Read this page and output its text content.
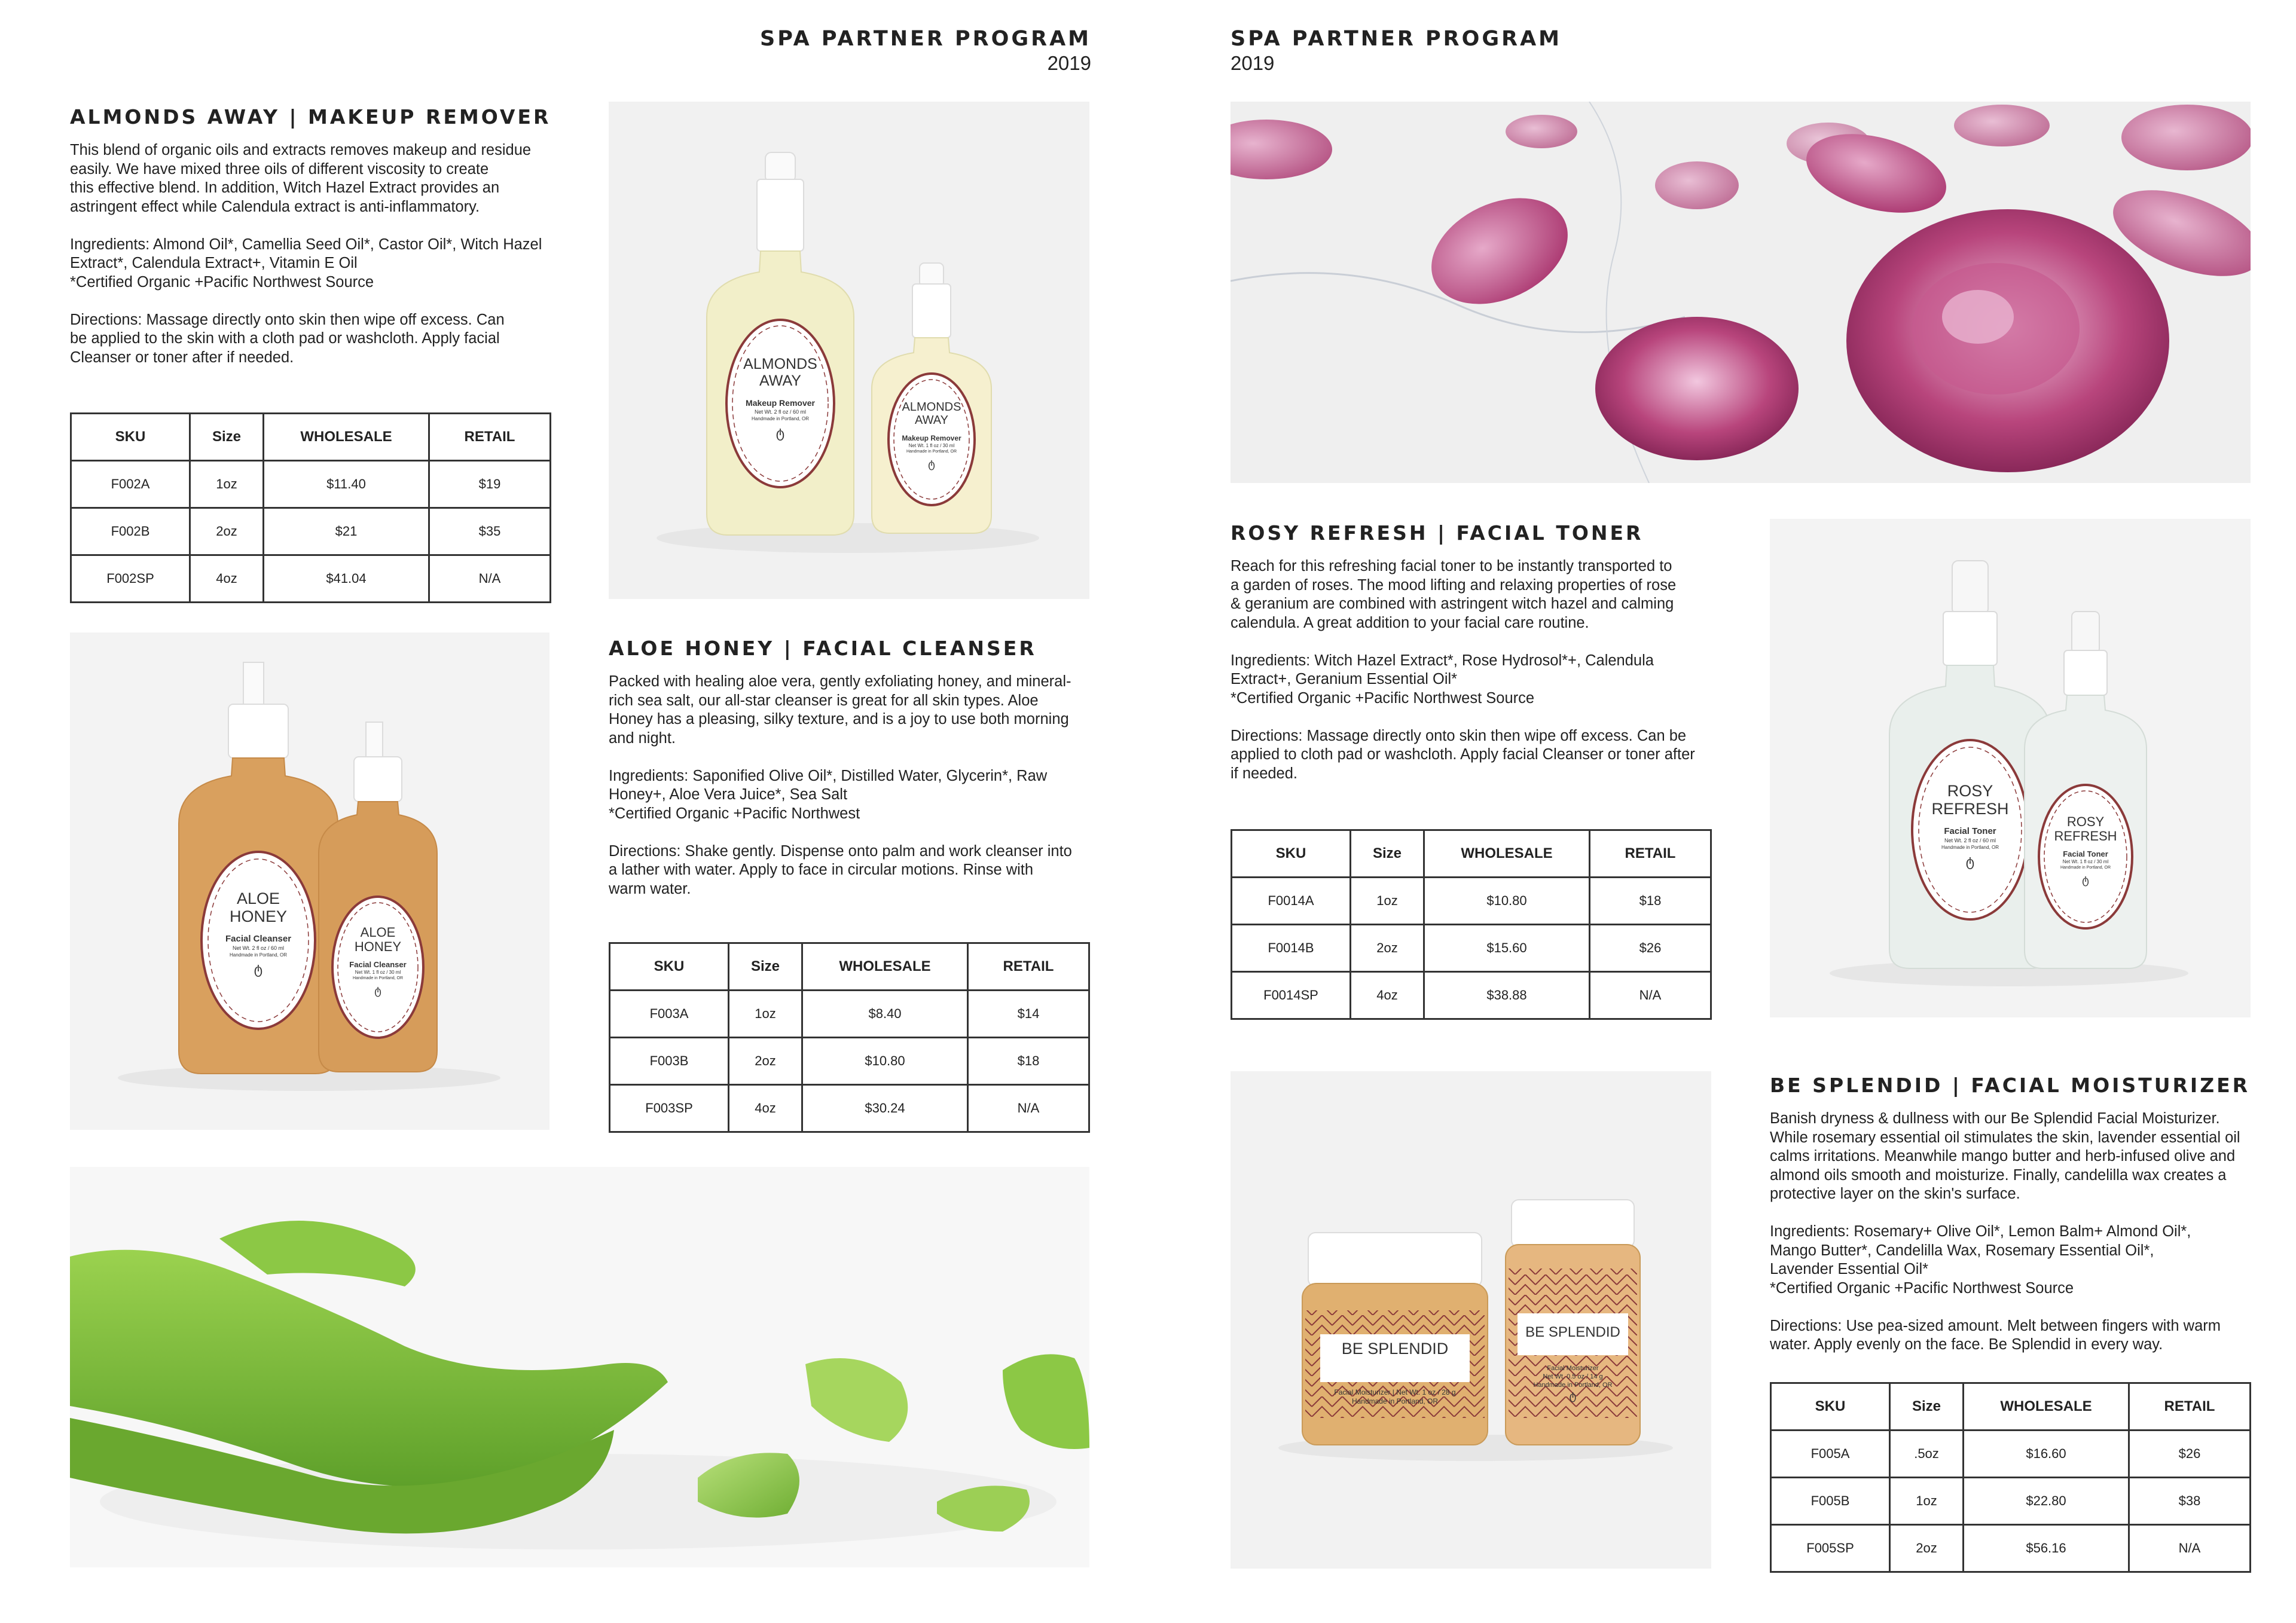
SPA PARTNER PROGRAM
2019
ALMONDS AWAY | MAKEUP REMOVER

This blend of organic oils and extracts removes makeup and residue

easily. We have mixed three oils of different viscosity to create

this effective blend. In addition, Witch Hazel Extract provides an

astringent effect while Calendula extract is anti-inflammatory.

Ingredients: Almond Oil*, Camellia Seed Oil*, Castor Oil*, Witch Hazel

Extract*, Calendula Extract+, Vitamin E Oil

*Certified Organic +Pacific Northwest Source

Directions: Massage directly onto skin then wipe off excess. Can

be applied to the skin with a cloth pad or washcloth. Apply facial

Cleanser or toner after if needed.

SKU	Size	WHOLESALE	RETAIL
F002A	1oz	$11.40	$19
F002B	2oz	$21	$35
F002SP	4oz	$41.04	N/A
ALMONDS
AWAY
Makeup Remover
Net Wt. 2 fl oz / 60 ml
Handmade in Portland, OR
ტ
ALMONDS
AWAY
Makeup Remover
Net Wt. 1 fl oz / 30 ml
Handmade in Portland, OR
ტ
ALOE
HONEY
Facial Cleanser
Net Wt. 2 fl oz / 60 ml
Handmade in Portland, OR
ტ
ALOE
HONEY
Facial Cleanser
Net Wt. 1 fl oz / 30 ml
Handmade in Portland, OR
ტ
ALOE HONEY | FACIAL CLEANSER

Packed with healing aloe vera, gently exfoliating honey, and mineral-

rich sea salt, our all-star cleanser is great for all skin types. Aloe

Honey has a pleasing, silky texture, and is a joy to use both morning

and night.

Ingredients: Saponified Olive Oil*, Distilled Water, Glycerin*, Raw

Honey+, Aloe Vera Juice*, Sea Salt

*Certified Organic +Pacific Northwest

Directions: Shake gently. Dispense onto palm and work cleanser into

a lather with water. Apply to face in circular motions. Rinse with

warm water.

SKU	Size	WHOLESALE	RETAIL
F003A	1oz	$8.40	$14
F003B	2oz	$10.80	$18
F003SP	4oz	$30.24	N/A
SPA PARTNER PROGRAM
2019
ROSY REFRESH | FACIAL TONER

Reach for this refreshing facial toner to be instantly transported to

a garden of roses. The mood lifting and relaxing properties of rose

& geranium are combined with astringent witch hazel and calming

calendula. A great addition to your facial care routine.

Ingredients: Witch Hazel Extract*, Rose Hydrosol*+, Calendula

Extract+, Geranium Essential Oil*

*Certified Organic +Pacific Northwest Source

Directions: Massage directly onto skin then wipe off excess. Can be

applied to cloth pad or washcloth. Apply facial Cleanser or toner after

if needed.

SKU	Size	WHOLESALE	RETAIL
F0014A	1oz	$10.80	$18
F0014B	2oz	$15.60	$26
F0014SP	4oz	$38.88	N/A
ROSY
REFRESH
Facial Toner
Net Wt. 2 fl oz / 60 ml
Handmade in Portland, OR
ტ
ROSY
REFRESH
Facial Toner
Net Wt. 1 fl oz / 30 ml
Handmade in Portland, OR
ტ
BE SPLENDID
Facial Moisturizer | Net Wt. 1 oz / 28 g
Handmade in Portland, OR
BE SPLENDID
Facial Moisturizer
Net Wt. 0.5 oz / 14 g
Handmade in Portland, OR
ტ
BE SPLENDID | FACIAL MOISTURIZER

Banish dryness & dullness with our Be Splendid Facial Moisturizer.

While rosemary essential oil stimulates the skin, lavender essential oil

calms irritations. Meanwhile mango butter and herb-infused olive and

almond oils smooth and moisturize. Finally, candelilla wax creates a

protective layer on the skin's surface.

Ingredients: Rosemary+ Olive Oil*, Lemon Balm+ Almond Oil*,

Mango Butter*, Candelilla Wax, Rosemary Essential Oil*,

Lavender Essential Oil*

*Certified Organic +Pacific Northwest Source

Directions: Use pea-sized amount. Melt between fingers with warm

water. Apply evenly on the face. Be Splendid in every way.

SKU	Size	WHOLESALE	RETAIL
F005A	.5oz	$16.60	$26
F005B	1oz	$22.80	$38
F005SP	2oz	$56.16	N/A
